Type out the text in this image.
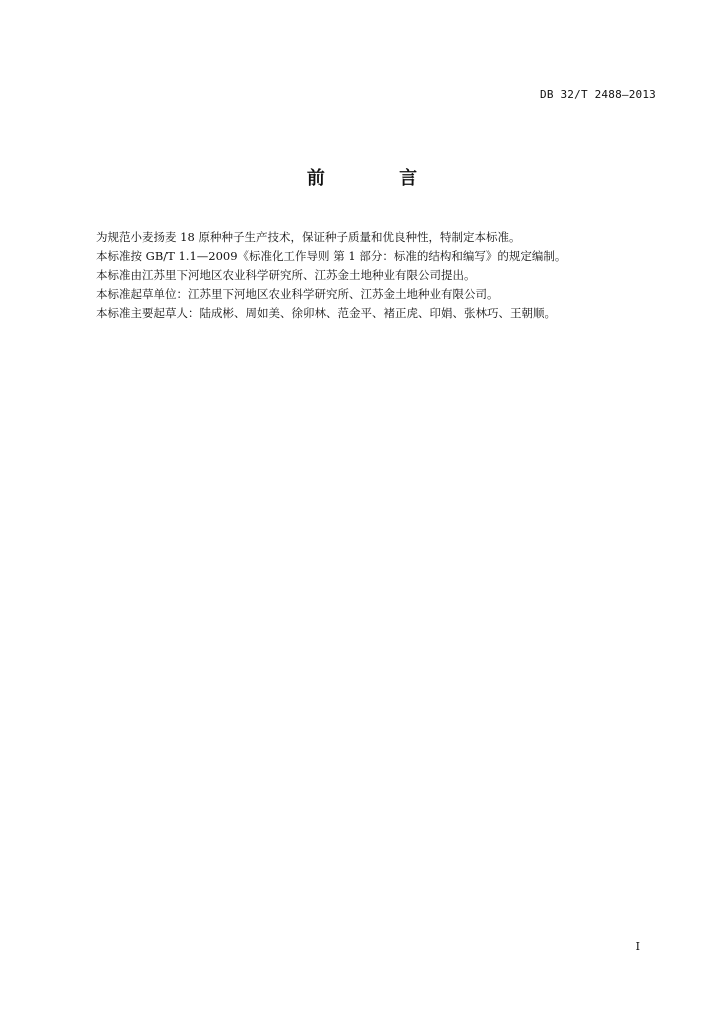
DB 32/T 2488—2013
前 言

为规范小麦扬麦 18 原种种子生产技术，保证种子质量和优良种性，特制定本标准。

本标准按 GB/T 1.1—2009《标准化工作导则 第 1 部分：标准的结构和编写》的规定编制。

本标准由江苏里下河地区农业科学研究所、江苏金土地种业有限公司提出。

本标准起草单位：江苏里下河地区农业科学研究所、江苏金土地种业有限公司。

本标准主要起草人：陆成彬、周如美、徐卯林、范金平、褚正虎、印娟、张林巧、王朝顺。

I
